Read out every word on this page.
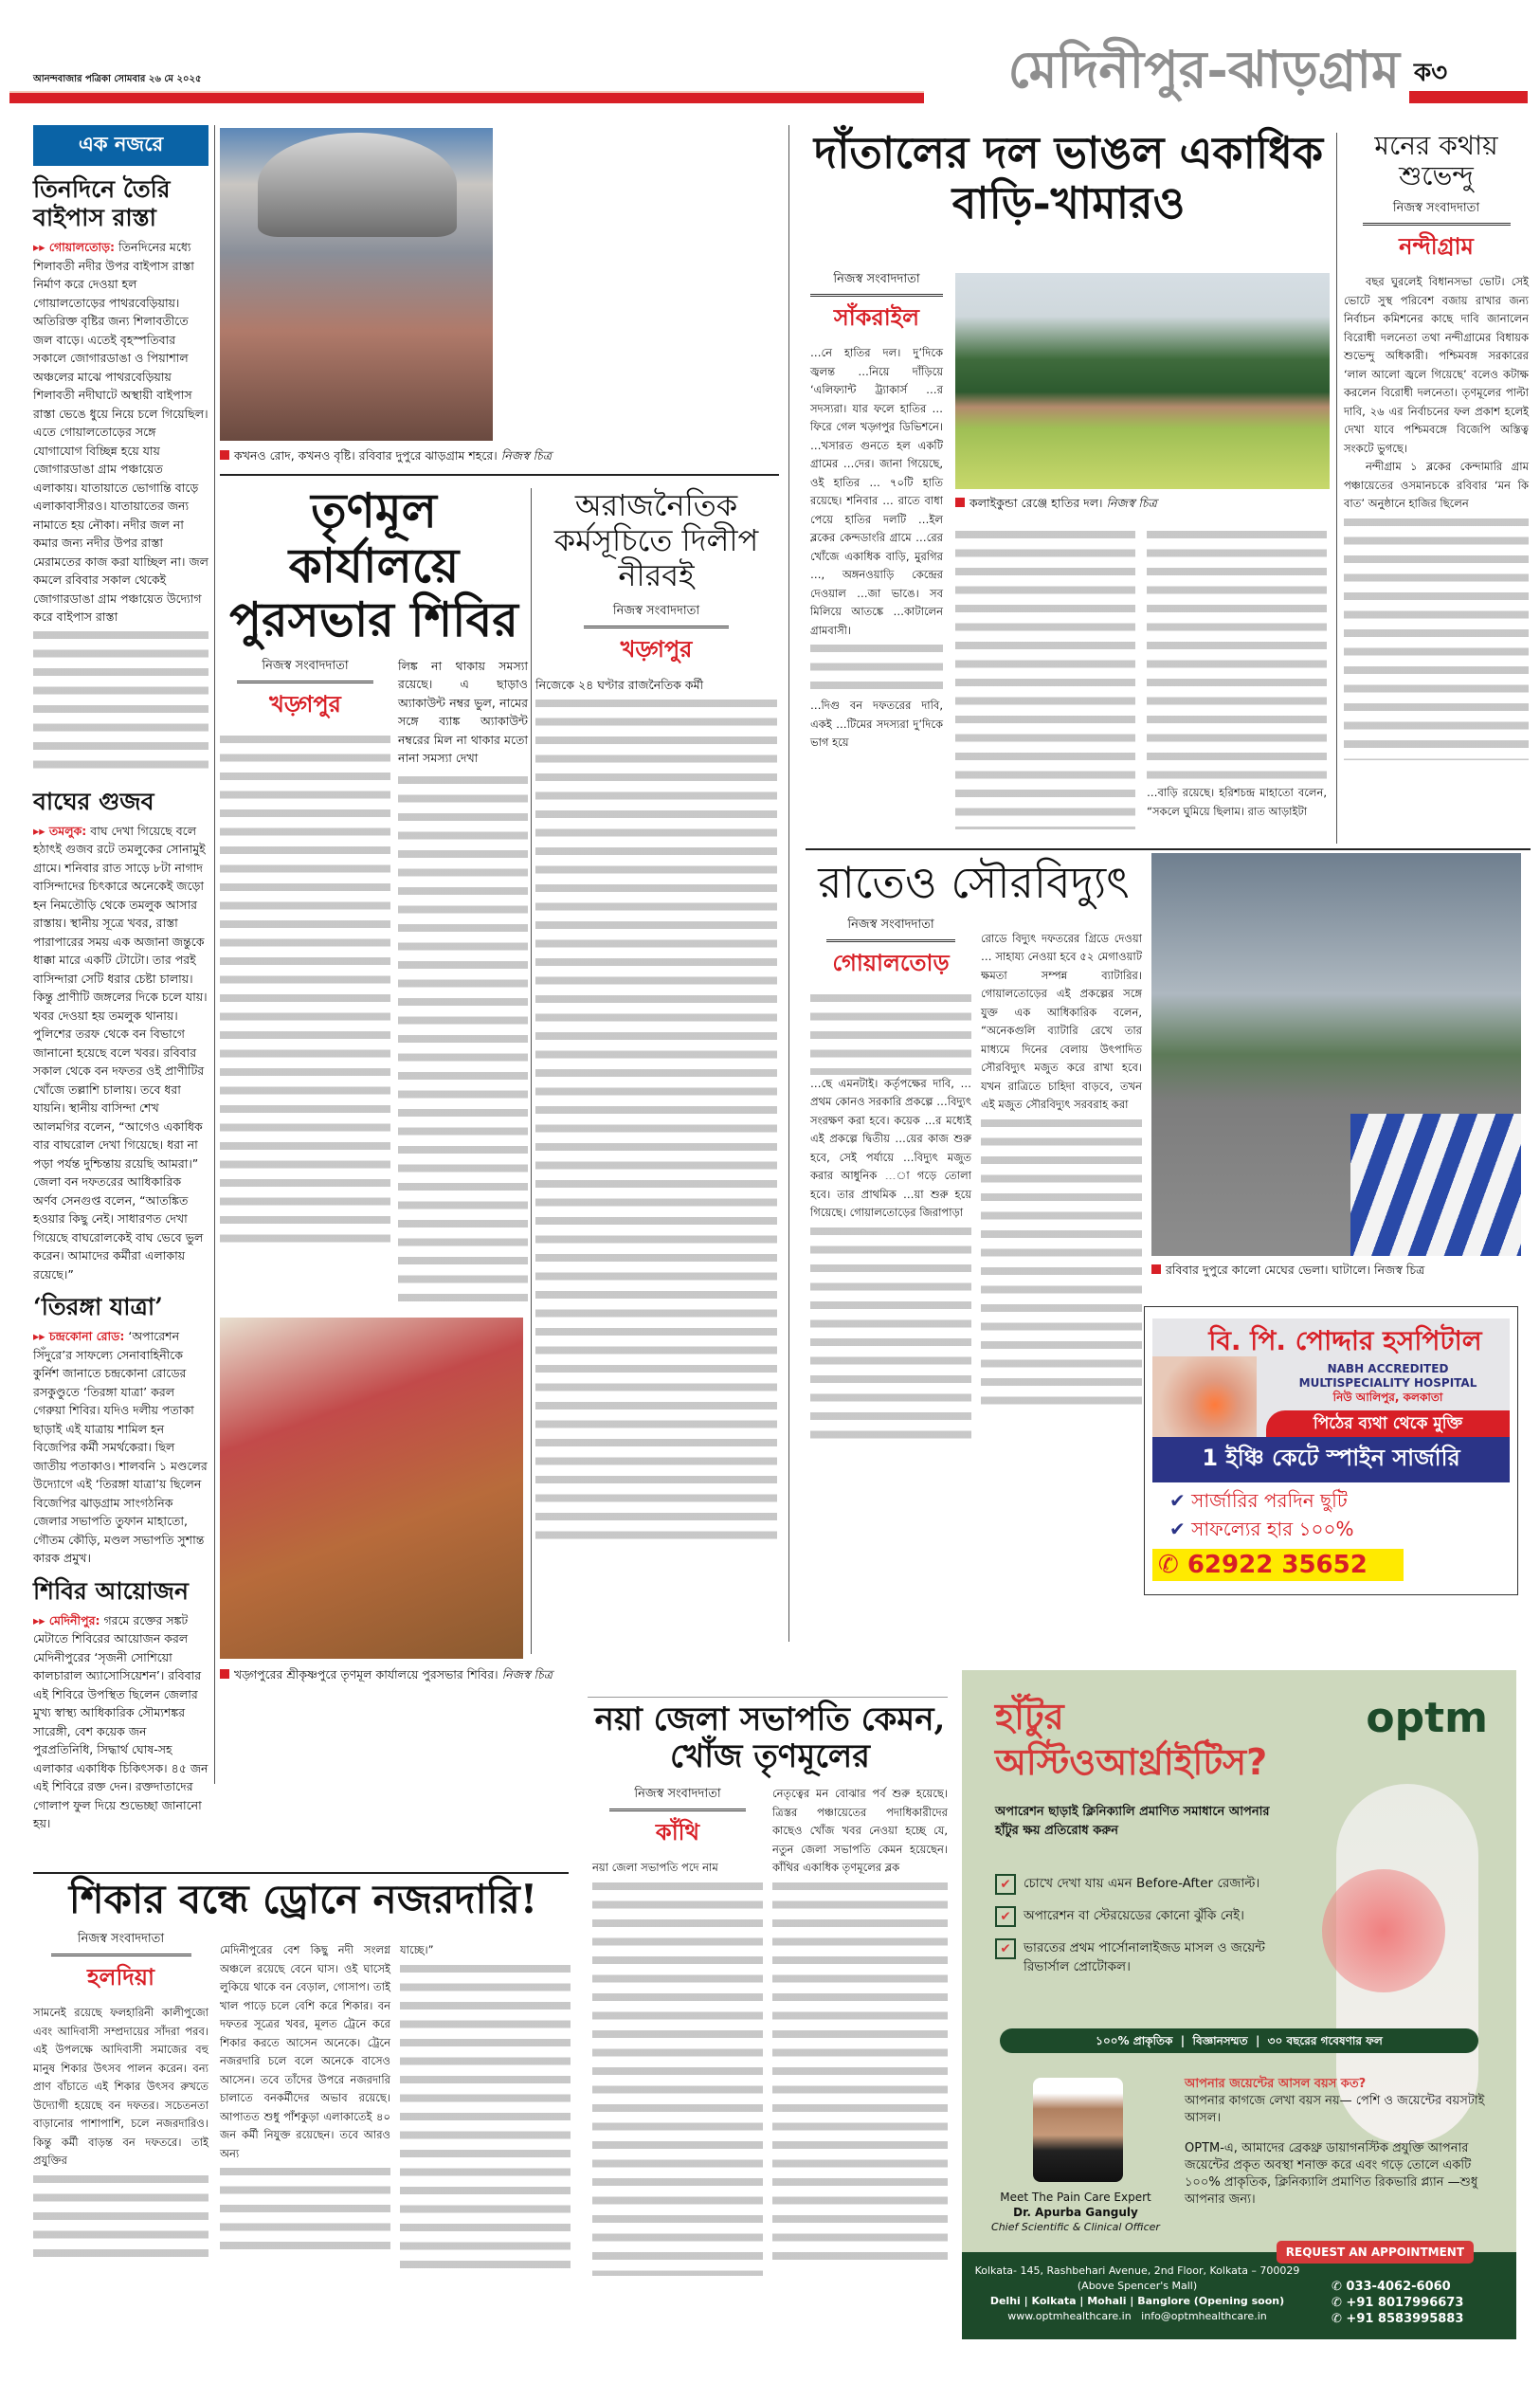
আনন্দবাজার পত্রিকা সোমবার ২৬ মে ২০২৫	মেদিনীপুর-ঝাড়গ্রাম ক৩
এক নজরে
তিনদিনে তৈরি বাইপাস রাস্তা
▸▸ গোয়ালতোড়: তিনদিনের মধ্যে শিলাবতী নদীর উপর বাইপাস রাস্তা নির্মাণ করে দেওয়া হল গোয়ালতোড়ের পাথরবেড়িয়ায়। অতিরিক্ত বৃষ্টির জন্য শিলাবতীতে জল বাড়ে। এতেই বৃহস্পতিবার সকালে জোগারডাঙা ও পিয়াশাল অঞ্চলের মাঝে পাথরবেড়িয়ায় শিলাবতী নদীঘাটে অস্থায়ী বাইপাস রাস্তা ভেঙে ধুয়ে নিয়ে চলে গিয়েছিল। এতে গোয়ালতোড়ের সঙ্গে যোগাযোগ বিচ্ছিন্ন হয়ে যায় জোগারডাঙা গ্রাম পঞ্চায়েত এলাকায়। যাতায়াতে ভোগান্তি বাড়ে এলাকাবাসীরও। যাতায়াতের জন্য নামাতে হয় নৌকা। নদীর জল না কমার জন্য নদীর উপর রাস্তা মেরামতের কাজ করা যাচ্ছিল না। জল কমলে রবিবার সকাল থেকেই জোগারডাঙা গ্রাম পঞ্চায়েত উদ্যোগ করে বাইপাস রাস্তা
বাঘের গুজব
▸▸ তমলুক: বাঘ দেখা গিয়েছে বলে হঠাৎই গুজব রটে তমলুকের সোনামুই গ্রামে। শনিবার রাত সাড়ে ৮টা নাগাদ বাসিন্দাদের চিৎকারে অনেকেই জড়ো হন নিমতৌড়ি থেকে তমলুক আসার রাস্তায়। স্থানীয় সূত্রে খবর, রাস্তা পারাপারের সময় এক অজানা জন্তুকে ধাক্কা মারে একটি টোটো। তার পরই বাসিন্দারা সেটি ধরার চেষ্টা চালায়। কিন্তু প্রাণীটি জঙ্গলের দিকে চলে যায়। খবর দেওয়া হয় তমলুক থানায়। পুলিশের তরফ থেকে বন বিভাগে জানানো হয়েছে বলে খবর। রবিবার সকাল থেকে বন দফতর ওই প্রাণীটির খোঁজে তল্লাশি চালায়। তবে ধরা যায়নি। স্থানীয় বাসিন্দা শেখ আলমগির বলেন, “আগেও একাধিক বার বাঘরোল দেখা গিয়েছে। ধরা না পড়া পর্যন্ত দুশ্চিন্তায় রয়েছি আমরা।” জেলা বন দফতরের আধিকারিক অর্ণব সেনগুপ্ত বলেন, “আতঙ্কিত হওয়ার কিছু নেই। সাধারণত দেখা গিয়েছে বাঘরোলকেই বাঘ ভেবে ভুল করেন। আমাদের কর্মীরা এলাকায় রয়েছে।”
‘তিরঙ্গা যাত্রা’
▸▸ চন্দ্রকোনা রোড: ‘অপারেশন সিঁদুরে’র সাফল্যে সেনাবাহিনীকে কুর্নিশ জানাতে চন্দ্রকোনা রোডের রসকুণ্ডুতে ‘তিরঙ্গা যাত্রা’ করল গেরুয়া শিবির। যদিও দলীয় পতাকা ছাড়াই এই যাত্রায় শামিল হন বিজেপির কর্মী সমর্থকেরা। ছিল জাতীয় পতাকাও। শালবনি ১ মণ্ডলের উদ্যোগে এই ‘তিরঙ্গা যাত্রা’য় ছিলেন বিজেপির ঝাড়গ্রাম সাংগঠনিক জেলার সভাপতি তুফান মাহাতো, গৌতম কৌড়ি, মণ্ডল সভাপতি সুশান্ত কারক প্রমুখ।
শিবির আয়োজন
▸▸ মেদিনীপুর: গরমে রক্তের সঙ্কট মেটাতে শিবিরের আয়োজন করল মেদিনীপুরের ‘সৃজনী সোশিয়ো কালচারাল অ্যাসোসিয়েশন’। রবিবার এই শিবিরে উপস্থিত ছিলেন জেলার মুখ্য স্বাস্থ্য আধিকারিক সৌম্যশঙ্কর সারেঙ্গী, বেশ কয়েক জন পুরপ্রতিনিধি, সিদ্ধার্থ ঘোষ-সহ এলাকার একাধিক চিকিৎসক। ৪৫ জন এই শিবিরে রক্ত দেন। রক্তদাতাদের গোলাপ ফুল দিয়ে শুভেচ্ছা জানানো হয়।
কখনও রোদ, কখনও বৃষ্টি। রবিবার দুপুরে ঝাড়গ্রাম শহরে। নিজস্ব চিত্র
তৃণমূল কার্যালয়ে পুরসভার শিবির
নিজস্ব সংবাদদাতা
খড়্গপুর
লিঙ্ক না থাকায় সমস্যা রয়েছে। এ ছাড়াও অ্যাকাউন্ট নম্বর ভুল, নামের সঙ্গে ব্যাঙ্ক অ্যাকাউন্ট নম্বরের মিল না থাকার মতো নানা সমস্যা দেখা
খড়্গপুরের শ্রীকৃষ্ণপুরে তৃণমূল কার্যালয়ে পুরসভার শিবির। নিজস্ব চিত্র
অরাজনৈতিক কর্মসূচিতে দিলীপ নীরবই
নিজস্ব সংবাদদাতা
খড়্গপুর
নিজেকে ২৪ ঘণ্টার রাজনৈতিক কর্মী
দাঁতালের দল ভাঙল একাধিক বাড়ি-খামারও
নিজস্ব সংবাদদাতা
সাঁকরাইল
…নে হাতির দল। দু’দিকে জ্বলন্ত …নিয়ে দাঁড়িয়ে ‘এলিফ্যান্ট ট্র্যাকার্স …র সদস্যরা। যার ফলে হাতির …ফিরে গেল খড়্গপুর ডিভিশনে। …খসারত গুনতে হল একটি গ্রামের …দের। জানা গিয়েছে, ওই হাতির … ৭০টি হাতি রয়েছে। শনিবার … রাতে বাধা পেয়ে হাতির দলটি …ইল ব্লকের কেন্দডাংরি গ্রামে …রের খোঁজে একাধিক বাড়ি, মুরগির …, অঙ্গনওয়াড়ি কেন্দ্রের দেওয়াল …জা ভাঙে। সব মিলিয়ে আতঙ্কে …কাটালেন গ্রামবাসী।
…দিগু বন দফতরের দাবি, একই …টিমের সদস্যরা দু’দিকে ভাগ হয়ে
কলাইকুন্ডা রেঞ্জে হাতির দল। নিজস্ব চিত্র
…বাড়ি রয়েছে। হরিশচন্দ্র মাহাতো বলেন, “সকলে ঘুমিয়ে ছিলাম। রাত আড়াইটা
মনের কথায় শুভেন্দু
নিজস্ব সংবাদদাতা
নন্দীগ্রাম
বছর ঘুরলেই বিধানসভা ভোট। সেই ভোটে সুস্থ পরিবেশ বজায় রাখার জন্য নির্বাচন কমিশনের কাছে দাবি জানালেন বিরোধী দলনেতা তথা নন্দীগ্রামের বিধায়ক শুভেন্দু অধিকারী। পশ্চিমবঙ্গ সরকারের ‘লাল আলো জ্বলে গিয়েছে’ বলেও কটাক্ষ করলেন বিরোধী দলনেতা। তৃণমূলের পাল্টা দাবি, ২৬ এর নির্বাচনের ফল প্রকাশ হলেই দেখা যাবে পশ্চিমবঙ্গে বিজেপি অস্তিত্ব সংকটে ভুগছে।
নন্দীগ্রাম ১ ব্লকের কেন্দামারি গ্রাম পঞ্চায়েতের ওসমানচকে রবিবার ‘মন কি বাত’ অনুষ্ঠানে হাজির ছিলেন
রাতেও সৌরবিদ্যুৎ
নিজস্ব সংবাদদাতা
গোয়ালতোড়
…ছে এমনটাই। কর্তৃপক্ষের দাবি, …প্রথম কোনও সরকারি প্রকল্পে …বিদ্যুৎ সংরক্ষণ করা হবে। কয়েক …র মধ্যেই এই প্রকল্পে দ্বিতীয় …য়ের কাজ শুরু হবে, সেই পর্যায়ে …বিদ্যুৎ মজুত করার আধুনিক …া গড়ে তোলা হবে। তার প্রাথমিক …য়া শুরু হয়ে গিয়েছে। গোয়ালতোড়ের জিরাপাড়া
রোডে বিদ্যুৎ দফতরের গ্রিডে দেওয়া … সাহায্য নেওয়া হবে ৫২ মেগাওয়াট ক্ষমতা সম্পন্ন ব্যাটারির। গোয়ালতোড়ের এই প্রকল্পের সঙ্গে যুক্ত এক আধিকারিক বলেন, “অনেকগুলি ব্যাটারি রেখে তার মাধ্যমে দিনের বেলায় উৎপাদিত সৌরবিদ্যুৎ মজুত করে রাখা হবে। যখন রাত্রিতে চাহিদা বাড়বে, তখন এই মজুত সৌরবিদ্যুৎ সরবরাহ করা
রবিবার দুপুরে কালো মেঘের ভেলা। ঘাটালে। নিজস্ব চিত্র
বি. পি. পোদ্দার হসপিটাল
NABH ACCREDITED
MULTISPECIALITY HOSPITAL
নিউ আলিপুর, কলকাতা
পিঠের ব্যথা থেকে মুক্তি
1 ইঞ্চি কেটে স্পাইন সার্জারি
✔ সার্জারির পরদিন ছুটি
✔ সাফল্যের হার ১০০%
✆ 62922 35652
নয়া জেলা সভাপতি কেমন, খোঁজ তৃণমূলের
নিজস্ব সংবাদদাতা
কাঁথি
নয়া জেলা সভাপতি পদে নাম
নেতৃত্বের মন বোঝার পর্ব শুরু হয়েছে। ত্রিস্তর পঞ্চায়েতের পদাধিকারীদের কাছেও খোঁজ খবর নেওয়া হচ্ছে যে, নতুন জেলা সভাপতি কেমন হয়েছেন। কাঁথির একাধিক তৃণমূলের ব্লক
optm
হাঁটুর
অস্টিওআর্থ্রাইটিস?
অপারেশন ছাড়াই ক্লিনিক্যালি প্রমাণিত সমাধানে আপনার হাঁটুর ক্ষয় প্রতিরোধ করুন
✔ চোখে দেখা যায় এমন Before-After রেজাল্ট।
✔ অপারেশন বা স্টেরয়েডের কোনো ঝুঁকি নেই।
✔ ভারতের প্রথম পার্সোনালাইজড মাসল ও জয়েন্ট রিভার্সাল প্রোটোকল।
১০০% প্রাকৃতিক  |  বিজ্ঞানসম্মত  |  ৩০ বছরের গবেষণার ফল
Meet The Pain Care Expert
Dr. Apurba Ganguly
Chief Scientific & Clinical Officer
আপনার জয়েন্টের আসল বয়স কত?
আপনার কাগজে লেখা বয়স নয়— পেশি ও জয়েন্টের বয়সটাই আসল।
OPTM-এ, আমাদের ব্রেকথ্রু ডায়াগনস্টিক প্রযুক্তি আপনার জয়েন্টের প্রকৃত অবস্থা শনাক্ত করে এবং গড়ে তোলে একটি ১০০% প্রাকৃতিক, ক্লিনিক্যালি প্রমাণিত রিকভারি প্ল্যান —শুধু আপনার জন্য।
Kolkata- 145, Rashbehari Avenue, 2nd Floor, Kolkata – 700029
(Above Spencer's Mall)
Delhi | Kolkata | Mohali | Banglore (Opening soon)
www.optmhealthcare.in info@optmhealthcare.in
✆ 033-4062-6060
✆ +91 8017996673
✆ +91 8583995883
REQUEST AN APPOINTMENT
শিকার বন্ধে ড্রোনে নজরদারি!
নিজস্ব সংবাদদাতা
হলদিয়া
সামনেই রয়েছে ফলহারিনী কালীপুজো এবং আদিবাসী সম্প্রদায়ের সাঁদরা পরব। এই উপলক্ষে আদিবাসী সমাজের বহু মানুষ শিকার উৎসব পালন করেন। বন্য প্রাণ বাঁচাতে এই শিকার উৎসব রুখতে উদ্যোগী হয়েছে বন দফতর। সচেতনতা বাড়ানোর পাশাপাশি, চলে নজরদারিও। কিন্তু কর্মী বাড়ন্ত বন দফতরে। তাই প্রযুক্তির
মেদিনীপুরের বেশ কিছু নদী সংলগ্ন অঞ্চলে রয়েছে বেনে ঘাস। ওই ঘাসেই লুকিয়ে থাকে বন বেড়াল, গোসাপ। তাই খাল পাড়ে চলে বেশি করে শিকার। বন দফতর সূত্রের খবর, মূলত ট্রেনে করে শিকার করতে আসেন অনেকে। ট্রেনে নজরদারি চলে বলে অনেকে বাসেও আসেন। তবে তাঁদের উপরে নজরদারি চালাতে বনকর্মীদের অভাব রয়েছে। আপাতত শুধু পাঁশকুড়া এলাকাতেই ৪০ জন কর্মী নিযুক্ত রয়েছেন। তবে আরও অন্য
যাচ্ছে।”
